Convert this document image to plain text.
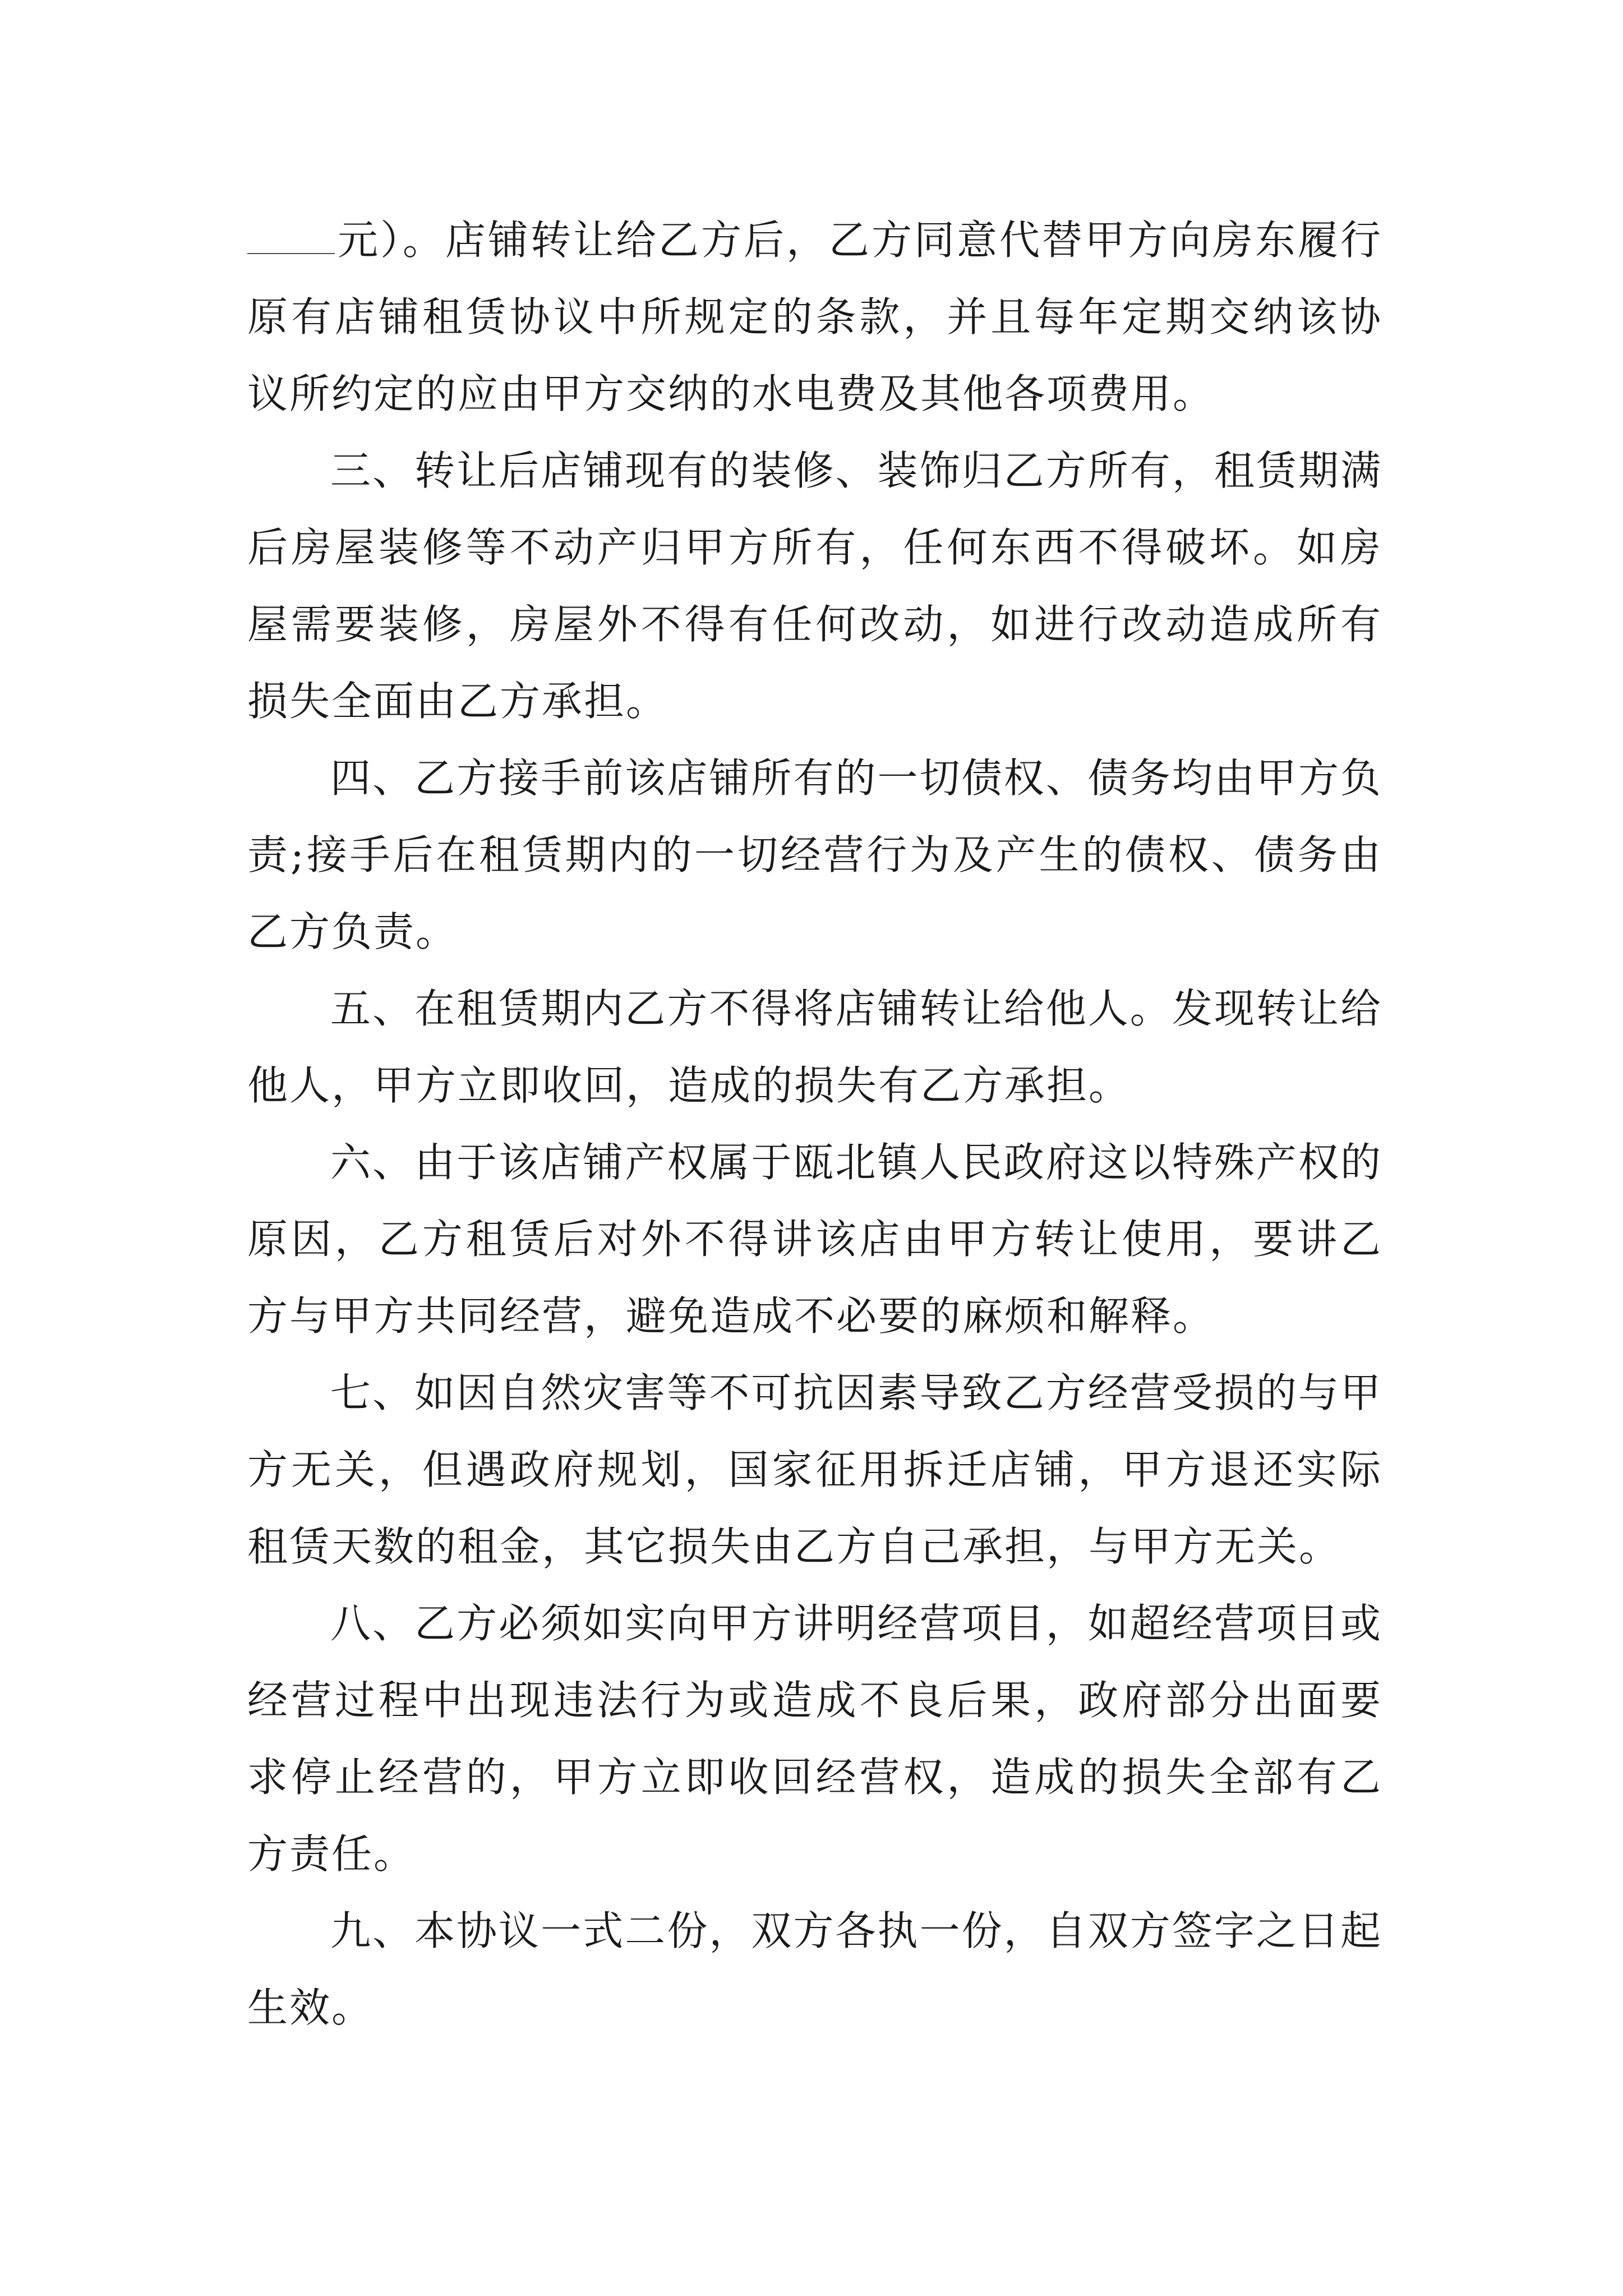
元）。店铺转让给乙方后，乙方同意代替甲方向房东履行原有店铺租赁协议中所规定的条款，并且每年定期交纳该协议所约定的应由甲方交纳的水电费及其他各项费用。

三、转让后店铺现有的装修、装饰归乙方所有，租赁期满后房屋装修等不动产归甲方所有，任何东西不得破坏。如房屋需要装修，房屋外不得有任何改动，如进行改动造成所有损失全面由乙方承担。

四、乙方接手前该店铺所有的一切债权、债务均由甲方负责;接手后在租赁期内的一切经营行为及产生的债权、债务由乙方负责。

五、在租赁期内乙方不得将店铺转让给他人。发现转让给他人，甲方立即收回，造成的损失有乙方承担。

六、由于该店铺产权属于瓯北镇人民政府这以特殊产权的原因，乙方租赁后对外不得讲该店由甲方转让使用，要讲乙方与甲方共同经营，避免造成不必要的麻烦和解释。

七、如因自然灾害等不可抗因素导致乙方经营受损的与甲方无关，但遇政府规划，国家征用拆迁店铺，甲方退还实际租赁天数的租金，其它损失由乙方自己承担，与甲方无关。

八、乙方必须如实向甲方讲明经营项目，如超经营项目或经营过程中出现违法行为或造成不良后果，政府部分出面要求停止经营的，甲方立即收回经营权，造成的损失全部有乙方责任。

九、本协议一式二份，双方各执一份，自双方签字之日起生效。
